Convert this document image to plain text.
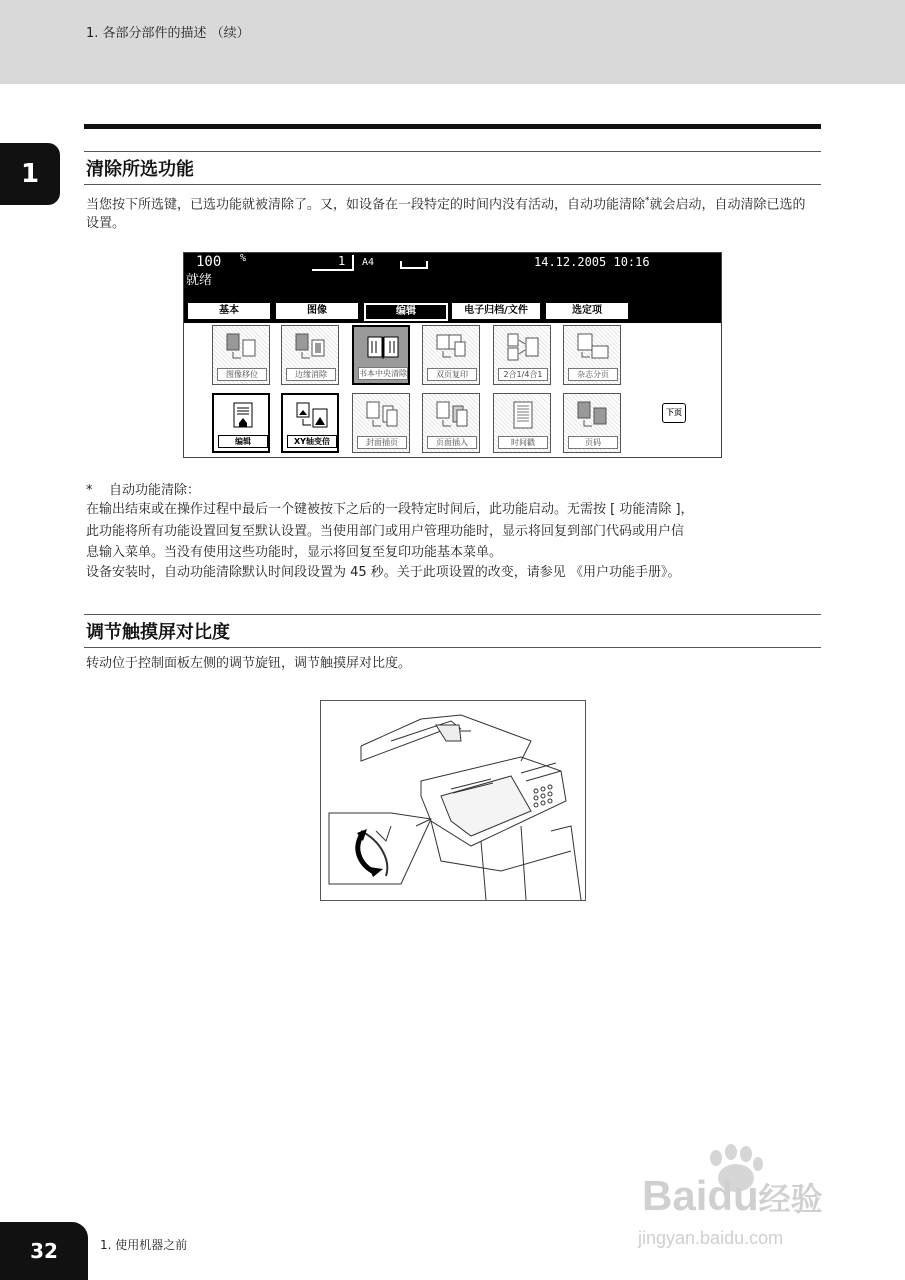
1. 各部分部件的描述 （续）
1	清除所选功能
当您按下所选键，已选功能就被清除了。又，如设备在一段特定的时间内没有活动，自动功能清除*就会启动，自动清除已选的设置。
100 %	1 A4	14.12.2005 10:16
就绪
基本	图像	编辑	电子归档/文件	选定项
图像移位	边缘消除	书本中央清除	双页复印	2合1/4合1	杂志分页
编辑	XY轴变倍	封面插页	页面插入	时间戳	页码
下页
* 自动功能清除：
在输出结束或在操作过程中最后一个键被按下之后的一段特定时间后，此功能启动。无需按 [ 功能清除 ]，
此功能将所有功能设置回复至默认设置。当使用部门或用户管理功能时，显示将回复到部门代码或用户信
息输入菜单。当没有使用这些功能时，显示将回复至复印功能基本菜单。
设备安装时，自动功能清除默认时间段设置为 45 秒。关于此项设置的改变，请参见 《用户功能手册》。
调节触摸屏对比度
转动位于控制面板左侧的调节旋钮，调节触摸屏对比度。
Baidu经验
jingyan.baidu.com
32	1. 使用机器之前
